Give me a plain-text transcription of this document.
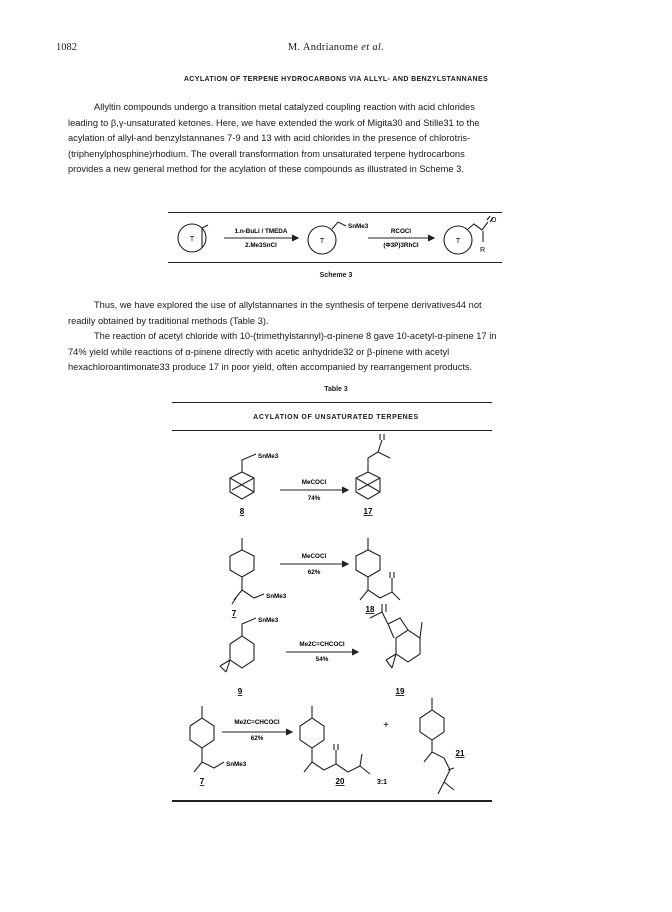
1082	M. Andrianome et al.
ACYLATION OF TERPENE HYDROCARBONS VIA ALLYL- AND BENZYLSTANNANES

Allyltin compounds undergo a transition metal catalyzed coupling reaction with acid chlorides

leading to β,γ-unsaturated ketones. Here, we have extended the work of Migita30 and Stille31 to the

acylation of allyl-and benzylstannanes 7-9 and 13 with acid chlorides in the presence of chlorotris-

(triphenylphosphine)rhodium. The overall transformation from unsaturated terpene hydrocarbons

provides a new general method for the acylation of these compounds as illustrated in Scheme 3.

T	T	T
1.n-BuLi / TMEDA
2.Me3SnCl
SnMe3
RCOCl
(Φ3P)3RhCl
O
R
Scheme 3

Thus, we have explored the use of allylstannanes in the synthesis of terpene derivatives44 not

readily obtained by traditional methods (Table 3).

The reaction of acetyl chloride with 10-(trimethylstannyl)-α-pinene 8 gave 10-acetyl-α-pinene 17 in

74% yield while reactions of α-pinene directly with acetic anhydride32 or β-pinene with acetyl

hexachloroantimonate33 produce 17 in poor yield, often accompanied by rearrangement products.

Table 3
ACYLATION OF UNSATURATED TERPENES
SnMe3
MeCOCl
74%
8	17
SnMe3
MeCOCl
62%
7	18
SnMe3
Me2C=CHCOCl
54%
9	19
SnMe3
Me2C=CHCOCl
62%
+
7	20	3:1
21
